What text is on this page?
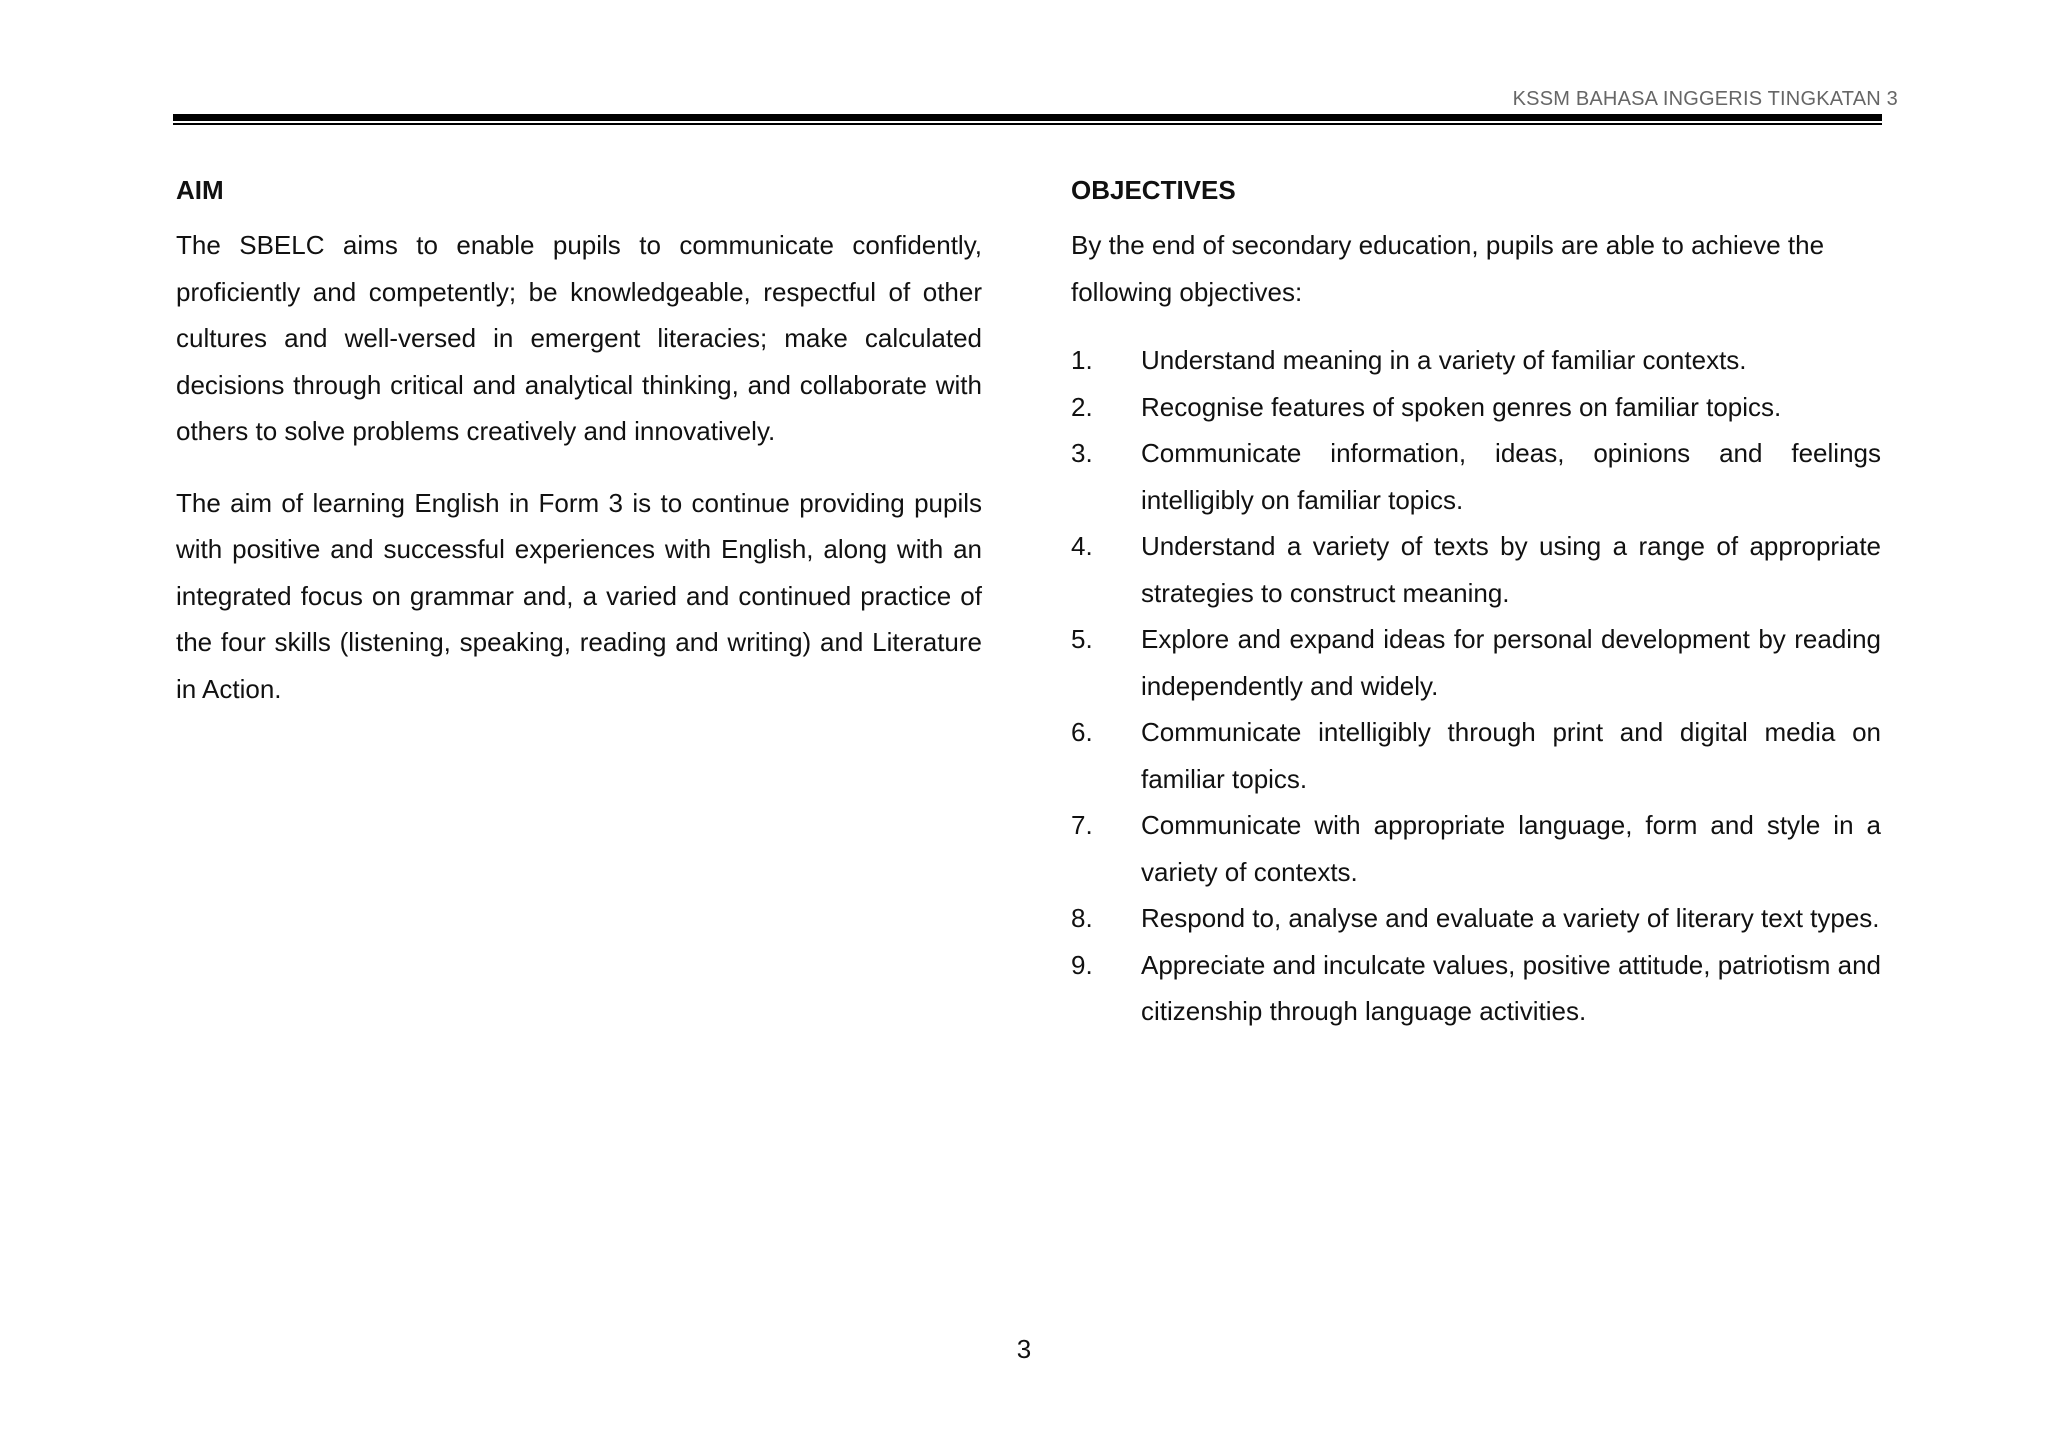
KSSM BAHASA INGGERIS TINGKATAN 3
AIM

The SBELC aims to enable pupils to communicate confidently, proficiently and competently; be knowledgeable, respectful of other cultures and well-versed in emergent literacies; make calculated decisions through critical and analytical thinking, and collaborate with others to solve problems creatively and innovatively.

The aim of learning English in Form 3 is to continue providing pupils with positive and successful experiences with English, along with an integrated focus on grammar and, a varied and continued practice of the four skills (listening, speaking, reading and writing) and Literature in Action.

OBJECTIVES

By the end of secondary education, pupils are able to achieve the following objectives:

1.	Understand meaning in a variety of familiar contexts.
2.	Recognise features of spoken genres on familiar topics.
3.	Communicate information, ideas, opinions and feelings intelligibly on familiar topics.
4.	Understand a variety of texts by using a range of appropriate strategies to construct meaning.
5.	Explore and expand ideas for personal development by reading independently and widely.
6.	Communicate intelligibly through print and digital media on familiar topics.
7.	Communicate with appropriate language, form and style in a variety of contexts.
8.	Respond to, analyse and evaluate a variety of literary text types.
9.	Appreciate and inculcate values, positive attitude, patriotism and citizenship through language activities.
3
